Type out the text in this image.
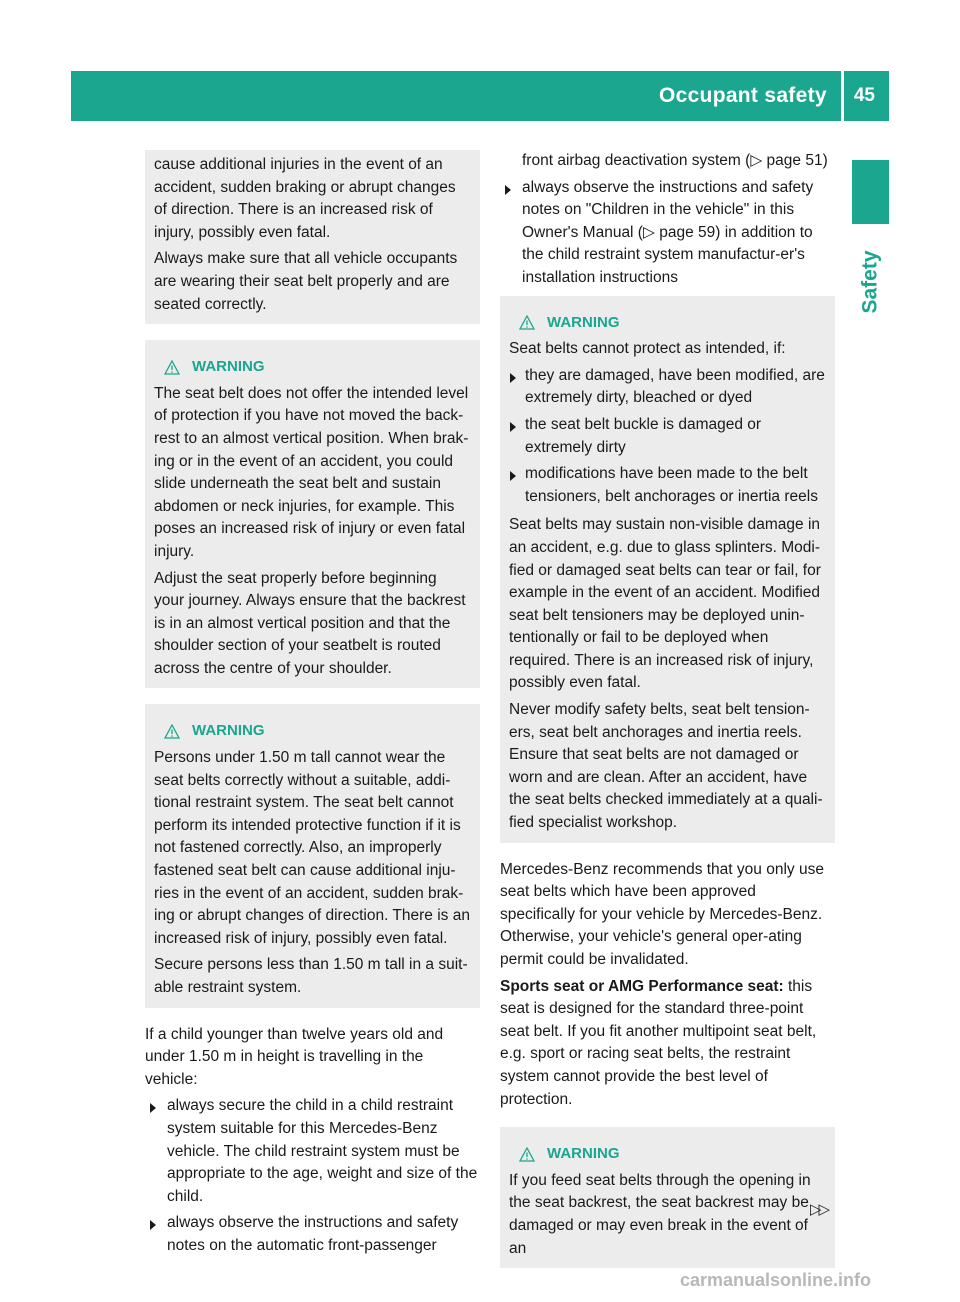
Occupant safety	45
Safety

cause additional injuries in the event of an accident, sudden braking or abrupt changes of direction. There is an increased risk of injury, possibly even fatal.

Always make sure that all vehicle occupants are wearing their seat belt properly and are seated correctly.

WARNING

The seat belt does not offer the intended level of protection if you have not moved the back-rest to an almost vertical position. When brak-ing or in the event of an accident, you could slide underneath the seat belt and sustain abdomen or neck injuries, for example. This poses an increased risk of injury or even fatal injury.

Adjust the seat properly before beginning your journey. Always ensure that the backrest is in an almost vertical position and that the shoulder section of your seatbelt is routed across the centre of your shoulder.

WARNING

Persons under 1.50 m tall cannot wear the seat belts correctly without a suitable, addi-tional restraint system. The seat belt cannot perform its intended protective function if it is not fastened correctly. Also, an improperly fastened seat belt can cause additional inju-ries in the event of an accident, sudden brak-ing or abrupt changes of direction. There is an increased risk of injury, possibly even fatal.

Secure persons less than 1.50 m tall in a suit-able restraint system.

If a child younger than twelve years old and under 1.50 m in height is travelling in the vehicle:

always secure the child in a child restraint system suitable for this Mercedes-Benz vehicle. The child restraint system must be appropriate to the age, weight and size of the child.
always observe the instructions and safety notes on the automatic front-passenger

front airbag deactivation system (▷ page 51)

always observe the instructions and safety notes on "Children in the vehicle" in this Owner's Manual (▷ page 59) in addition to the child restraint system manufactur-er's installation instructions
WARNING

Seat belts cannot protect as intended, if:

they are damaged, have been modified, are extremely dirty, bleached or dyed
the seat belt buckle is damaged or extremely dirty
modifications have been made to the belt tensioners, belt anchorages or inertia reels

Seat belts may sustain non-visible damage in an accident, e.g. due to glass splinters. Modi-fied or damaged seat belts can tear or fail, for example in the event of an accident. Modified seat belt tensioners may be deployed unin-tentionally or fail to be deployed when required. There is an increased risk of injury, possibly even fatal.

Never modify safety belts, seat belt tension-ers, seat belt anchorages and inertia reels. Ensure that seat belts are not damaged or worn and are clean. After an accident, have the seat belts checked immediately at a quali-fied specialist workshop.

Mercedes-Benz recommends that you only use seat belts which have been approved specifically for your vehicle by Mercedes-Benz. Otherwise, your vehicle's general oper-ating permit could be invalidated.

Sports seat or AMG Performance seat: this seat is designed for the standard three-point seat belt. If you fit another multipoint seat belt, e.g. sport or racing seat belts, the restraint system cannot provide the best level of protection.

WARNING

If you feed seat belts through the opening in the seat backrest, the seat backrest may be damaged or may even break in the event of an

▷▷
carmanualsonline.info
